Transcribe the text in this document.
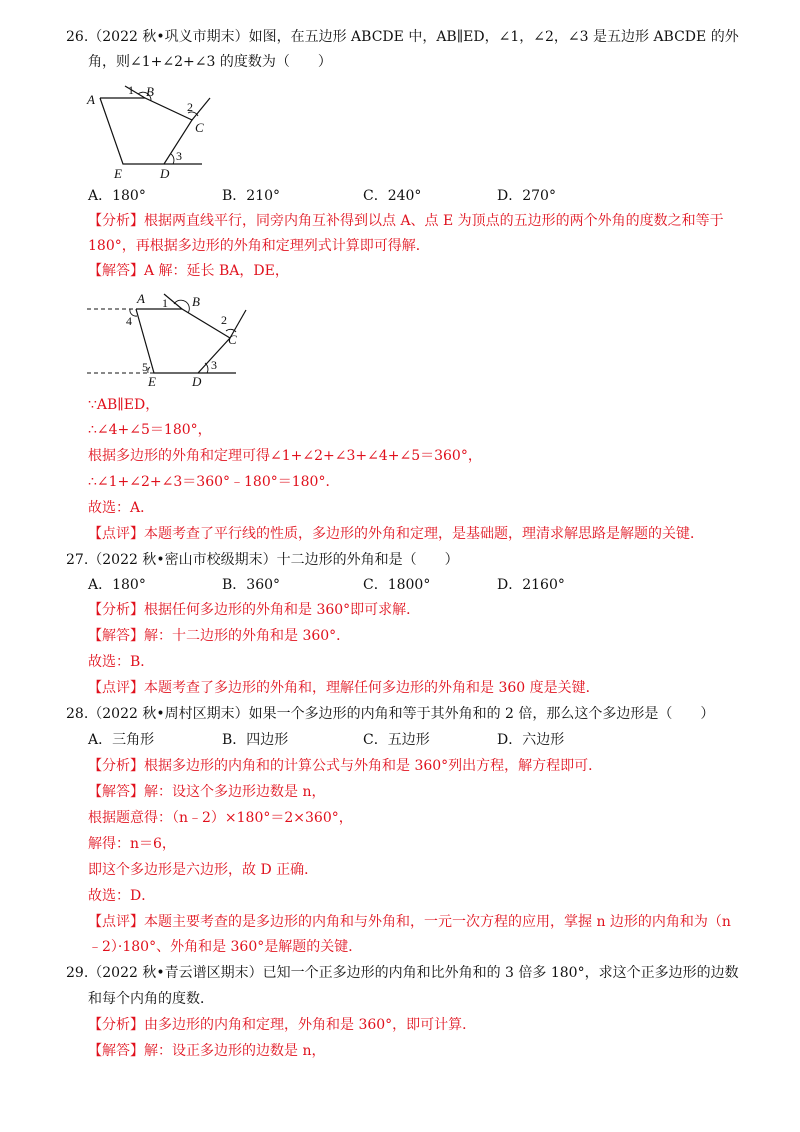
26.（2022 秋•巩义市期末）如图，在五边形 ABCDE 中，AB∥ED，∠1，∠2，∠3 是五边形 ABCDE 的外
角，则∠1+∠2+∠3 的度数为（　　）
A
B
C
D
E
1
2
3
A．180°	B．210°	C．240°	D．270°
【分析】根据两直线平行，同旁内角互补得到以点 A、点 E 为顶点的五边形的两个外角的度数之和等于
180°，再根据多边形的外角和定理列式计算即可得解．
【解答】A 解：延长 BA，DE，
A	B
C
D
E
1
2
3
4
5
∵AB∥ED，
∴∠4+∠5＝180°，
根据多边形的外角和定理可得∠1+∠2+∠3+∠4+∠5＝360°，
∴∠1+∠2+∠3＝360°﹣180°＝180°．
故选：A．
【点评】本题考查了平行线的性质，多边形的外角和定理，是基础题，理清求解思路是解题的关键．
27.（2022 秋•密山市校级期末）十二边形的外角和是（　　）
A．180°	B．360°	C．1800°	D．2160°
【分析】根据任何多边形的外角和是 360°即可求解．
【解答】解：十二边形的外角和是 360°．
故选：B．
【点评】本题考查了多边形的外角和，理解任何多边形的外角和是 360 度是关键．
28.（2022 秋•周村区期末）如果一个多边形的内角和等于其外角和的 2 倍，那么这个多边形是（　　）
A．三角形	B．四边形	C．五边形	D．六边形
【分析】根据多边形的内角和的计算公式与外角和是 360°列出方程，解方程即可．
【解答】解：设这个多边形边数是 n，
根据题意得：（n﹣2）×180°＝2×360°，
解得：n＝6，
即这个多边形是六边形，故 D 正确．
故选：D．
【点评】本题主要考查的是多边形的内角和与外角和，一元一次方程的应用，掌握 n 边形的内角和为（n
﹣2）·180°、外角和是 360°是解题的关键．
29.（2022 秋•青云谱区期末）已知一个正多边形的内角和比外角和的 3 倍多 180°，求这个正多边形的边数
和每个内角的度数．
【分析】由多边形的内角和定理，外角和是 360°，即可计算．
【解答】解：设正多边形的边数是 n，
